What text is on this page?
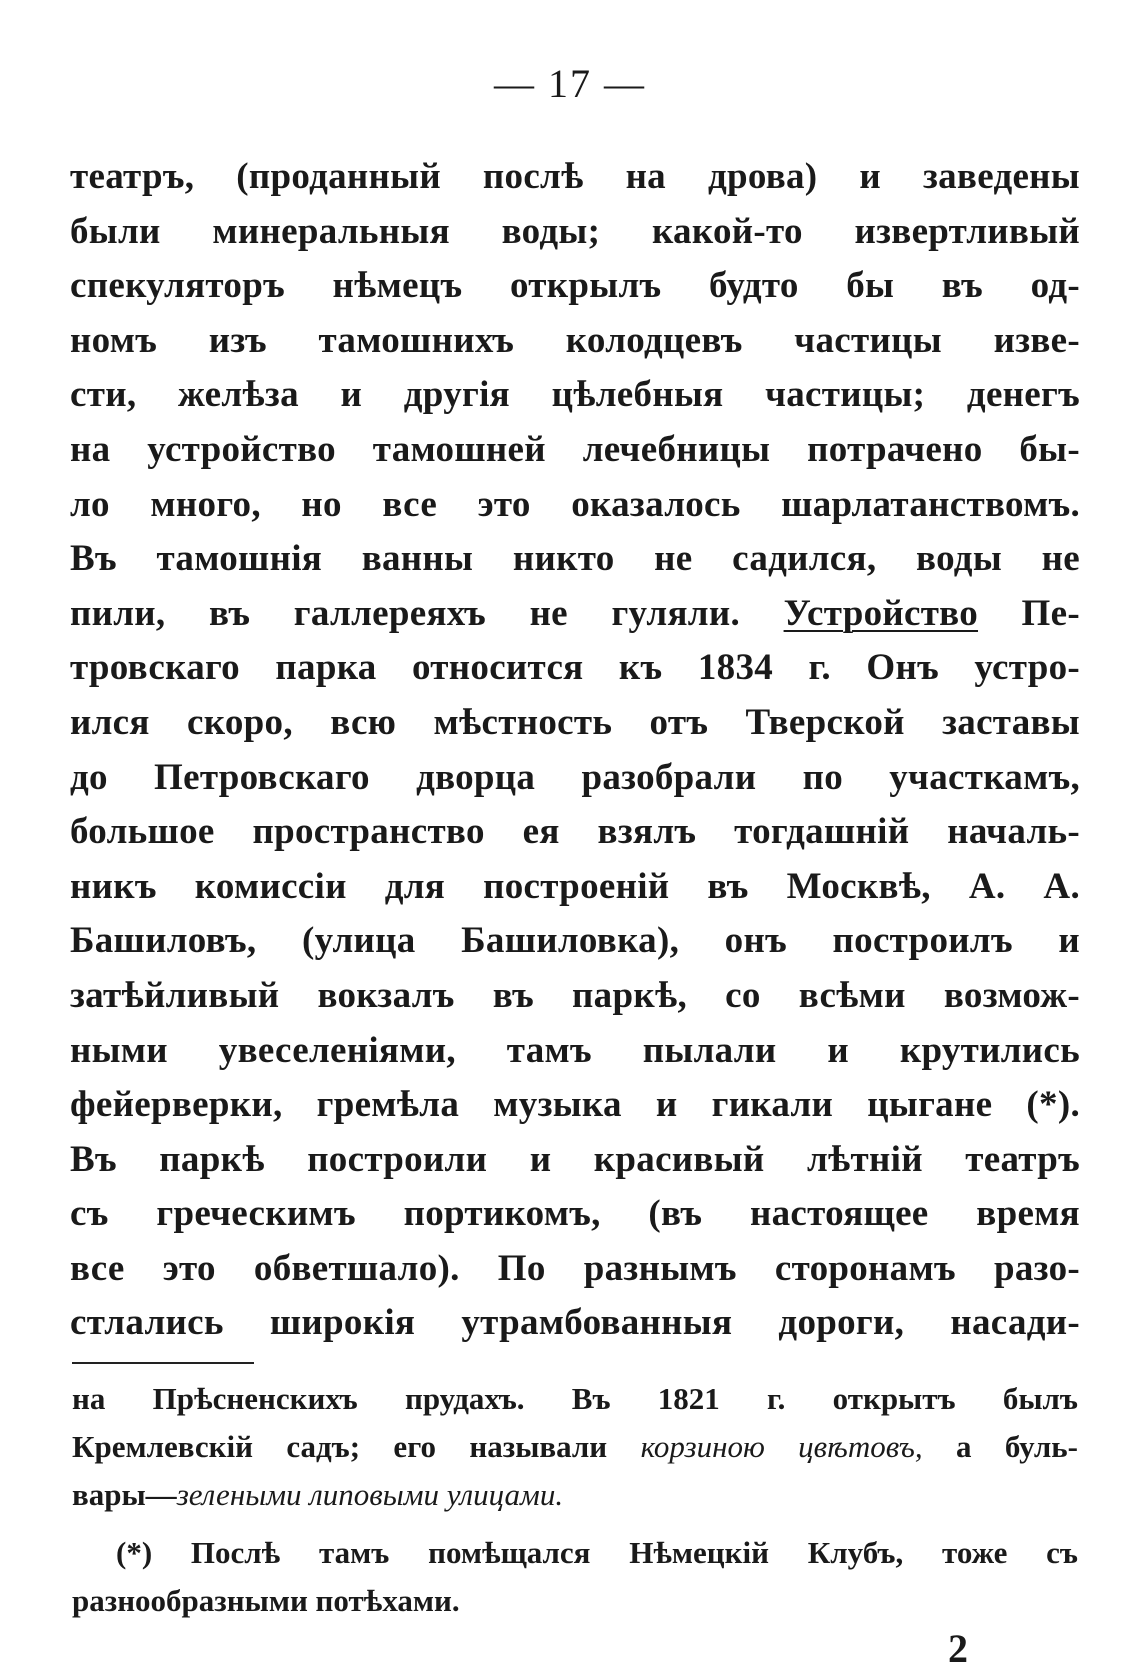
— 17 —
театръ, (проданный послѣ на дрова) и заведены
были минеральныя воды; какой-то извертливый
спекуляторъ нѣмецъ открылъ будто бы въ од-
номъ изъ тамошнихъ колодцевъ частицы изве-
сти, желѣза и другія цѣлебныя частицы; денегъ
на устройство тамошней лечебницы потрачено бы-
ло много, но все это оказалось шарлатанствомъ.
Въ тамошнія ванны никто не садился, воды не
пили, въ галлереяхъ не гуляли. Устройство Пе-
тровскаго парка относится къ 1834 г. Онъ устро-
ился скоро, всю мѣстность отъ Тверской заставы
до Петровскаго дворца разобрали по участкамъ,
большое пространство ея взялъ тогдашній началь-
никъ комиссіи для построеній въ Москвѣ, А. А.
Башиловъ, (улица Башиловка), онъ построилъ и
затѣйливый вокзалъ въ паркѣ, со всѣми возмож-
ными увеселеніями, тамъ пылали и крутились
фейерверки, гремѣла музыка и гикали цыгане (*).
Въ паркѣ построили и красивый лѣтній театръ
съ греческимъ портикомъ, (въ настоящее время
все это обветшало). По разнымъ сторонамъ разо-
стлались широкія утрамбованныя дороги, насади-
на Прѣсненскихъ прудахъ. Въ 1821 г. открытъ былъ
Кремлевскій садъ; его называли корзиною цвѣтовъ, а буль-
вары—зелеными липовыми улицами.
(*) Послѣ тамъ помѣщался Нѣмецкій Клубъ, тоже съ
разнообразными потѣхами.
2
